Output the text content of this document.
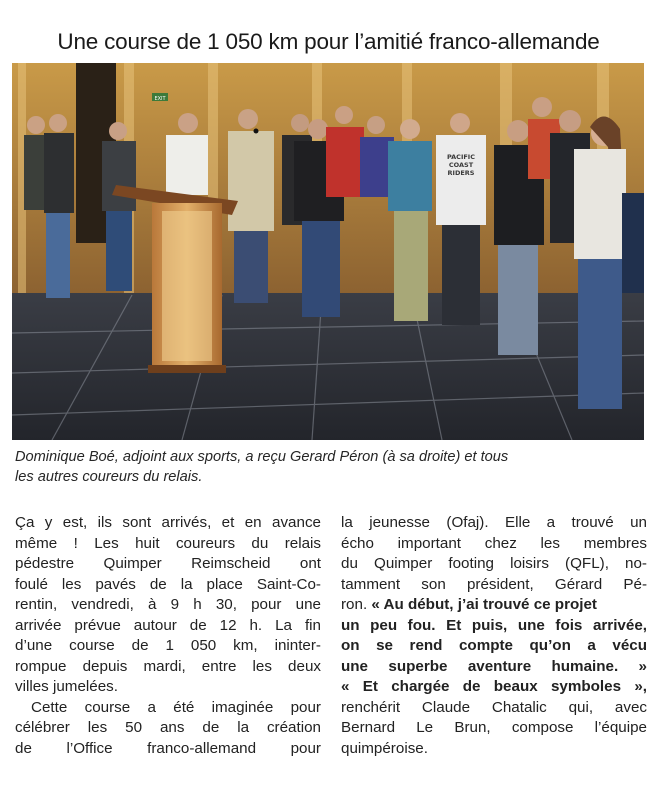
Une course de 1 050 km pour l’amitié franco-allemande
EXIT
PACIFIC
COAST
RIDERS
Dominique Boé, adjoint aux sports, a reçu Gerard Péron (à sa droite) et tous
les autres coureurs du relais.
Ça y est, ils sont arrivés, et en avance
même ! Les huit coureurs du relais
pédestre Quimper Reimscheid ont
foulé les pavés de la place Saint-Co-
rentin, vendredi, à 9 h 30, pour une
arrivée prévue autour de 12 h. La fin
d’une course de 1 050 km, ininter-
rompue depuis mardi, entre les deux
villes jumelées.
Cette course a été imaginée pour
célébrer les 50 ans de la création
de l’Office franco-allemand pour
la jeunesse (Ofaj). Elle a trouvé un
écho important chez les membres
du Quimper footing loisirs (QFL), no-
tamment son président, Gérard Pé-
ron. « Au début, j’ai trouvé ce projet
un peu fou. Et puis, une fois arrivée,
on se rend compte qu’on a vécu
une superbe aventure humaine. »
« Et chargée de beaux symboles »,
renchérit Claude Chatalic qui, avec
Bernard Le Brun, compose l’équipe
quimpéroise.
